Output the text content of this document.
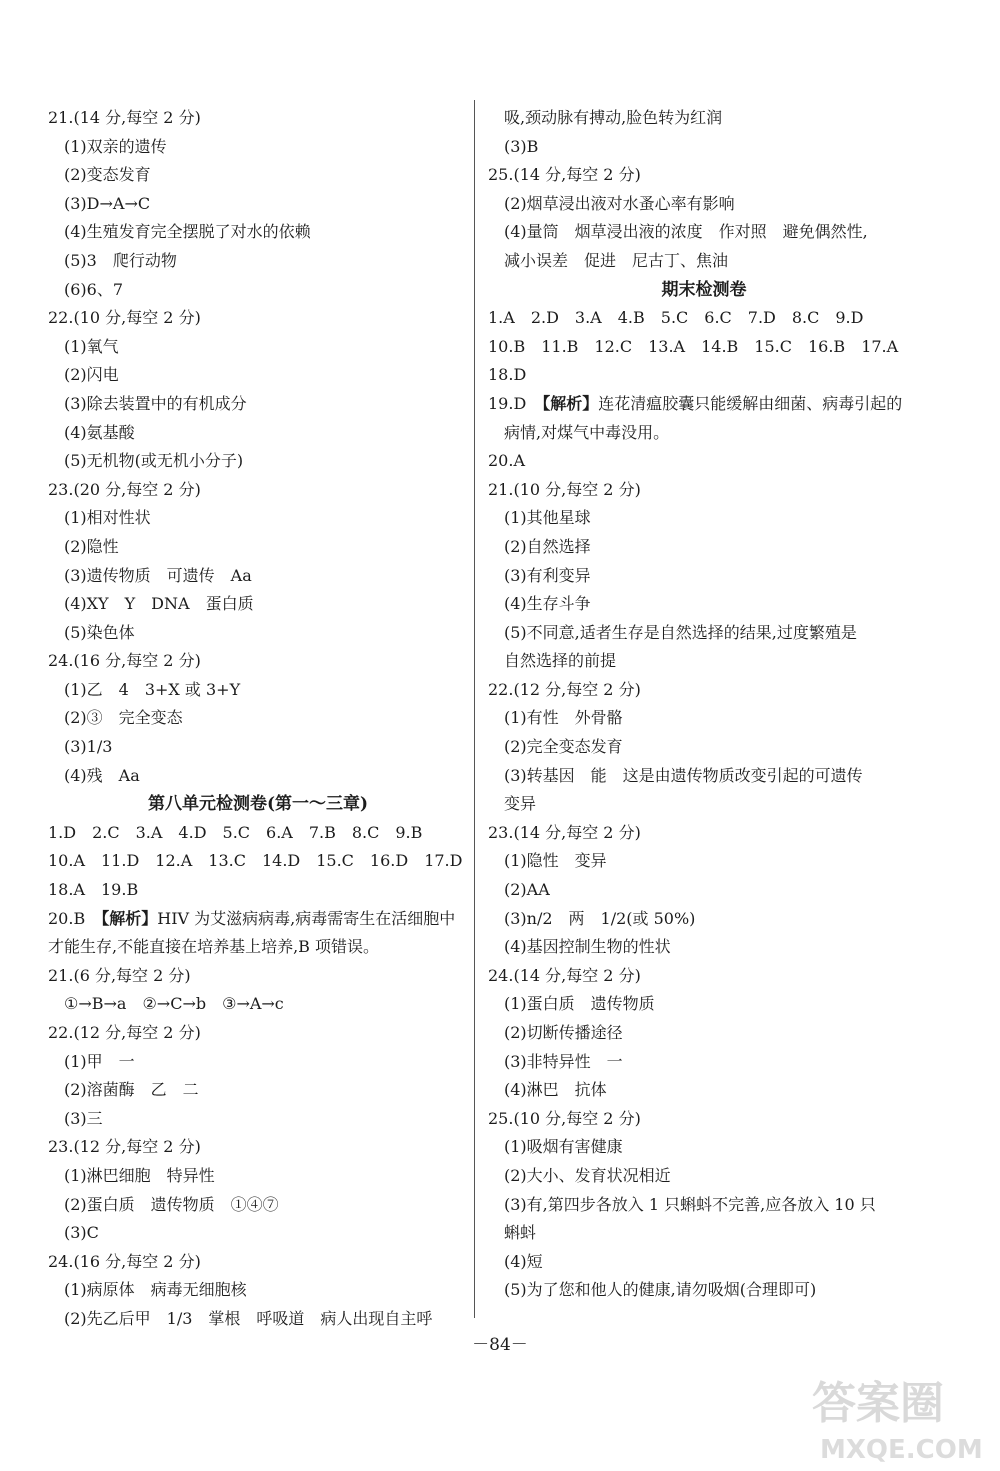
21.(14 分,每空 2 分)
(1)双亲的遗传
(2)变态发育
(3)D→A→C
(4)生殖发育完全摆脱了对水的依赖
(5)3　爬行动物
(6)6、7
22.(10 分,每空 2 分)
(1)氧气
(2)闪电
(3)除去装置中的有机成分
(4)氨基酸
(5)无机物(或无机小分子)
23.(20 分,每空 2 分)
(1)相对性状
(2)隐性
(3)遗传物质　可遗传　Aa
(4)XY　Y　DNA　蛋白质
(5)染色体
24.(16 分,每空 2 分)
(1)乙　4　3+X 或 3+Y
(2)③　完全变态
(3)1/3
(4)残　Aa
第八单元检测卷(第一～三章)
1.D　2.C　3.A　4.D　5.C　6.A　7.B　8.C　9.B
10.A　11.D　12.A　13.C　14.D　15.C　16.D　17.D
18.A　19.B
20.B　【解析】HIV 为艾滋病病毒,病毒需寄生在活细胞中
才能生存,不能直接在培养基上培养,B 项错误。
21.(6 分,每空 2 分)
①→B→a　②→C→b　③→A→c
22.(12 分,每空 2 分)
(1)甲　一
(2)溶菌酶　乙　二
(3)三
23.(12 分,每空 2 分)
(1)淋巴细胞　特异性
(2)蛋白质　遗传物质　①④⑦
(3)C
24.(16 分,每空 2 分)
(1)病原体　病毒无细胞核
(2)先乙后甲　1/3　掌根　呼吸道　病人出现自主呼
吸,颈动脉有搏动,脸色转为红润
(3)B
25.(14 分,每空 2 分)
(2)烟草浸出液对水蚤心率有影响
(4)量筒　烟草浸出液的浓度　作对照　避免偶然性,
减小误差　促进　尼古丁、焦油
期末检测卷
1.A　2.D　3.A　4.B　5.C　6.C　7.D　8.C　9.D
10.B　11.B　12.C　13.A　14.B　15.C　16.B　17.A
18.D
19.D　【解析】连花清瘟胶囊只能缓解由细菌、病毒引起的
病情,对煤气中毒没用。
20.A
21.(10 分,每空 2 分)
(1)其他星球
(2)自然选择
(3)有利变异
(4)生存斗争
(5)不同意,适者生存是自然选择的结果,过度繁殖是
自然选择的前提
22.(12 分,每空 2 分)
(1)有性　外骨骼
(2)完全变态发育
(3)转基因　能　这是由遗传物质改变引起的可遗传
变异
23.(14 分,每空 2 分)
(1)隐性　变异
(2)AA
(3)n/2　两　1/2(或 50%)
(4)基因控制生物的性状
24.(14 分,每空 2 分)
(1)蛋白质　遗传物质
(2)切断传播途径
(3)非特异性　一
(4)淋巴　抗体
25.(10 分,每空 2 分)
(1)吸烟有害健康
(2)大小、发育状况相近
(3)有,第四步各放入 1 只蝌蚪不完善,应各放入 10 只
蝌蚪
(4)短
(5)为了您和他人的健康,请勿吸烟(合理即可)
－84－
答案圈
MXQE.COM
